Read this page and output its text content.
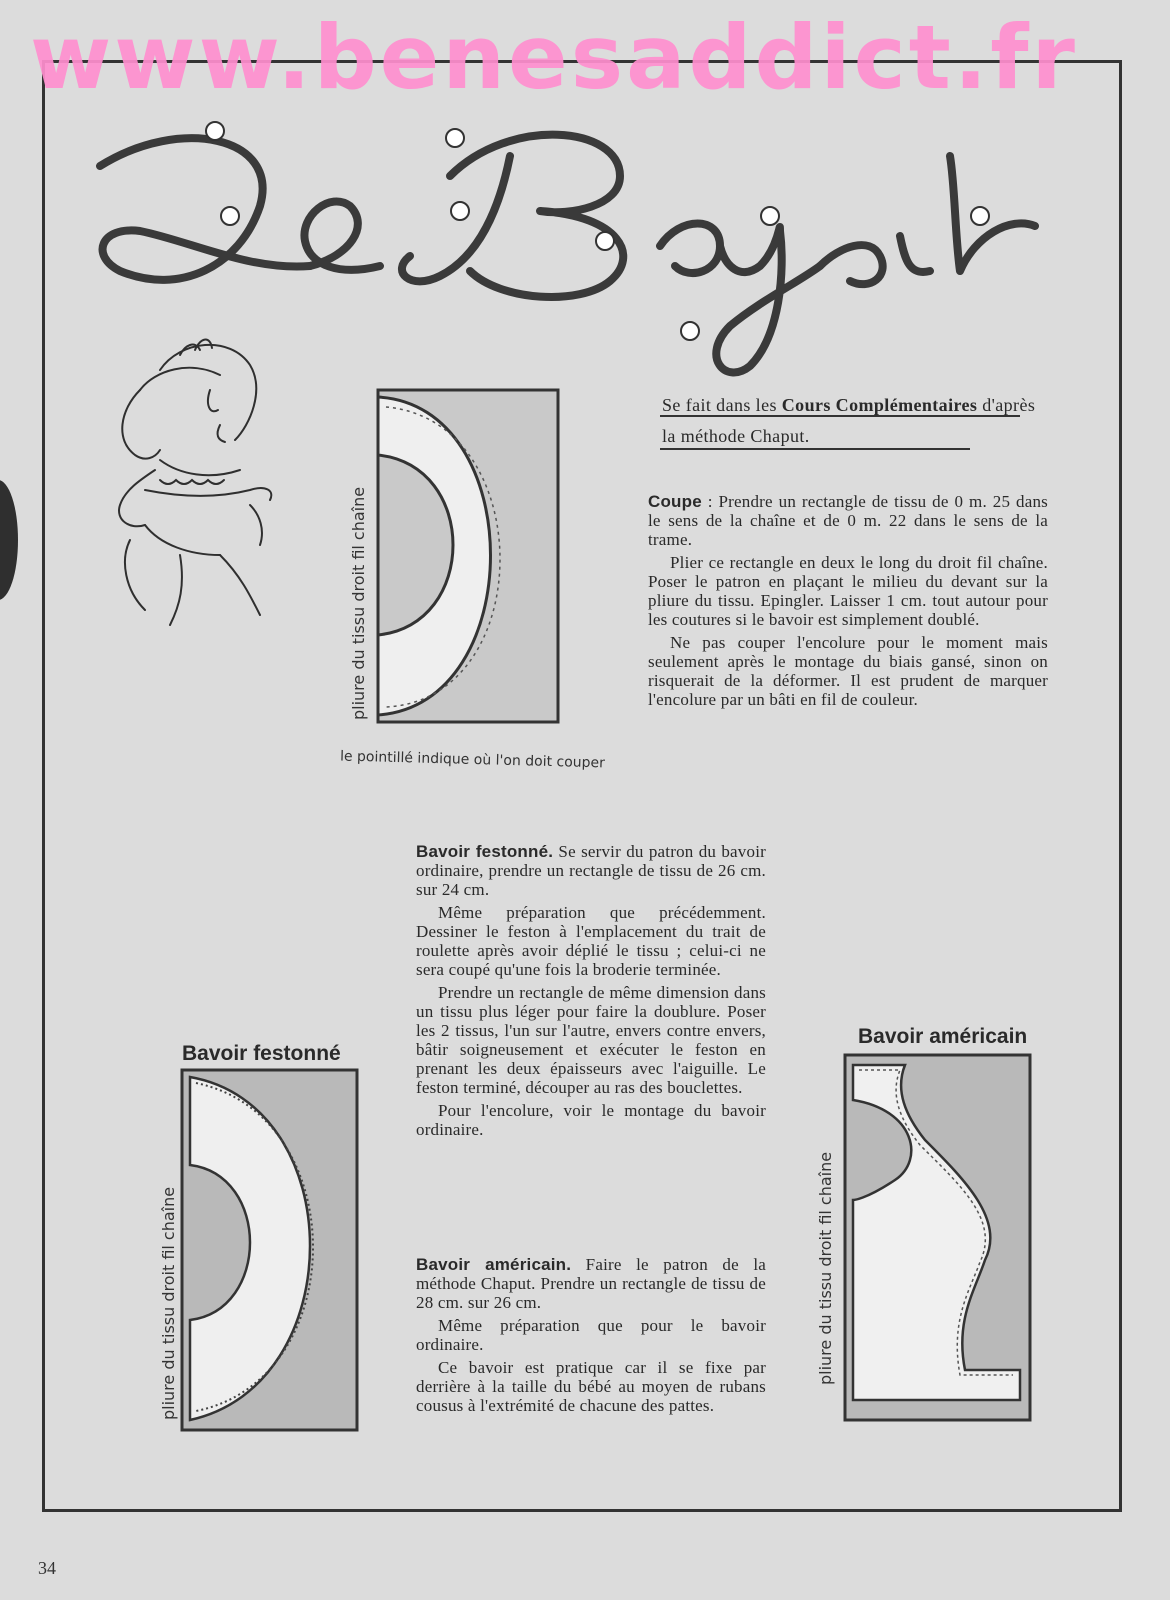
pliure du tissu droit fil chaîne
le pointillé indique où l'on doit couper

Se fait dans les Cours Complémentaires d'après la méthode Chaput.

Coupe : Prendre un rectangle de tissu de 0 m. 25 dans le sens de la chaîne et de 0 m. 22 dans le sens de la trame.

Plier ce rectangle en deux le long du droit fil chaîne. Poser le patron en plaçant le milieu du devant sur la pliure du tissu. Epingler. Laisser 1 cm. tout autour pour les coutures si le bavoir est simplement doublé.

Ne pas couper l'encolure pour le moment mais seulement après le montage du biais gansé, sinon on risquerait de la déformer. Il est prudent de marquer l'encolure par un bâti en fil de couleur.

Bavoir festonné. Se servir du patron du bavoir ordinaire, prendre un rectangle de tissu de 26 cm. sur 24 cm.

Même préparation que précédemment. Dessiner le feston à l'emplacement du trait de roulette après avoir déplié le tissu ; celui-ci ne sera coupé qu'une fois la broderie terminée.

Prendre un rectangle de même dimension dans un tissu plus léger pour faire la doublure. Poser les 2 tissus, l'un sur l'autre, envers contre envers, bâtir soigneusement et exécuter le feston en prenant les deux épaisseurs avec l'aiguille. Le feston terminé, découper au ras des bouclettes.

Pour l'encolure, voir le montage du bavoir ordinaire.

Bavoir américain. Faire le patron de la méthode Chaput. Prendre un rectangle de tissu de 28 cm. sur 26 cm.

Même préparation que pour le bavoir ordinaire.

Ce bavoir est pratique car il se fixe par derrière à la taille du bébé au moyen de rubans cousus à l'extrémité de chacune des pattes.

Bavoir festonné
pliure du tissu droit fil chaîne
Bavoir américain
pliure du tissu droit fil chaîne
34
www.benesaddict.fr
